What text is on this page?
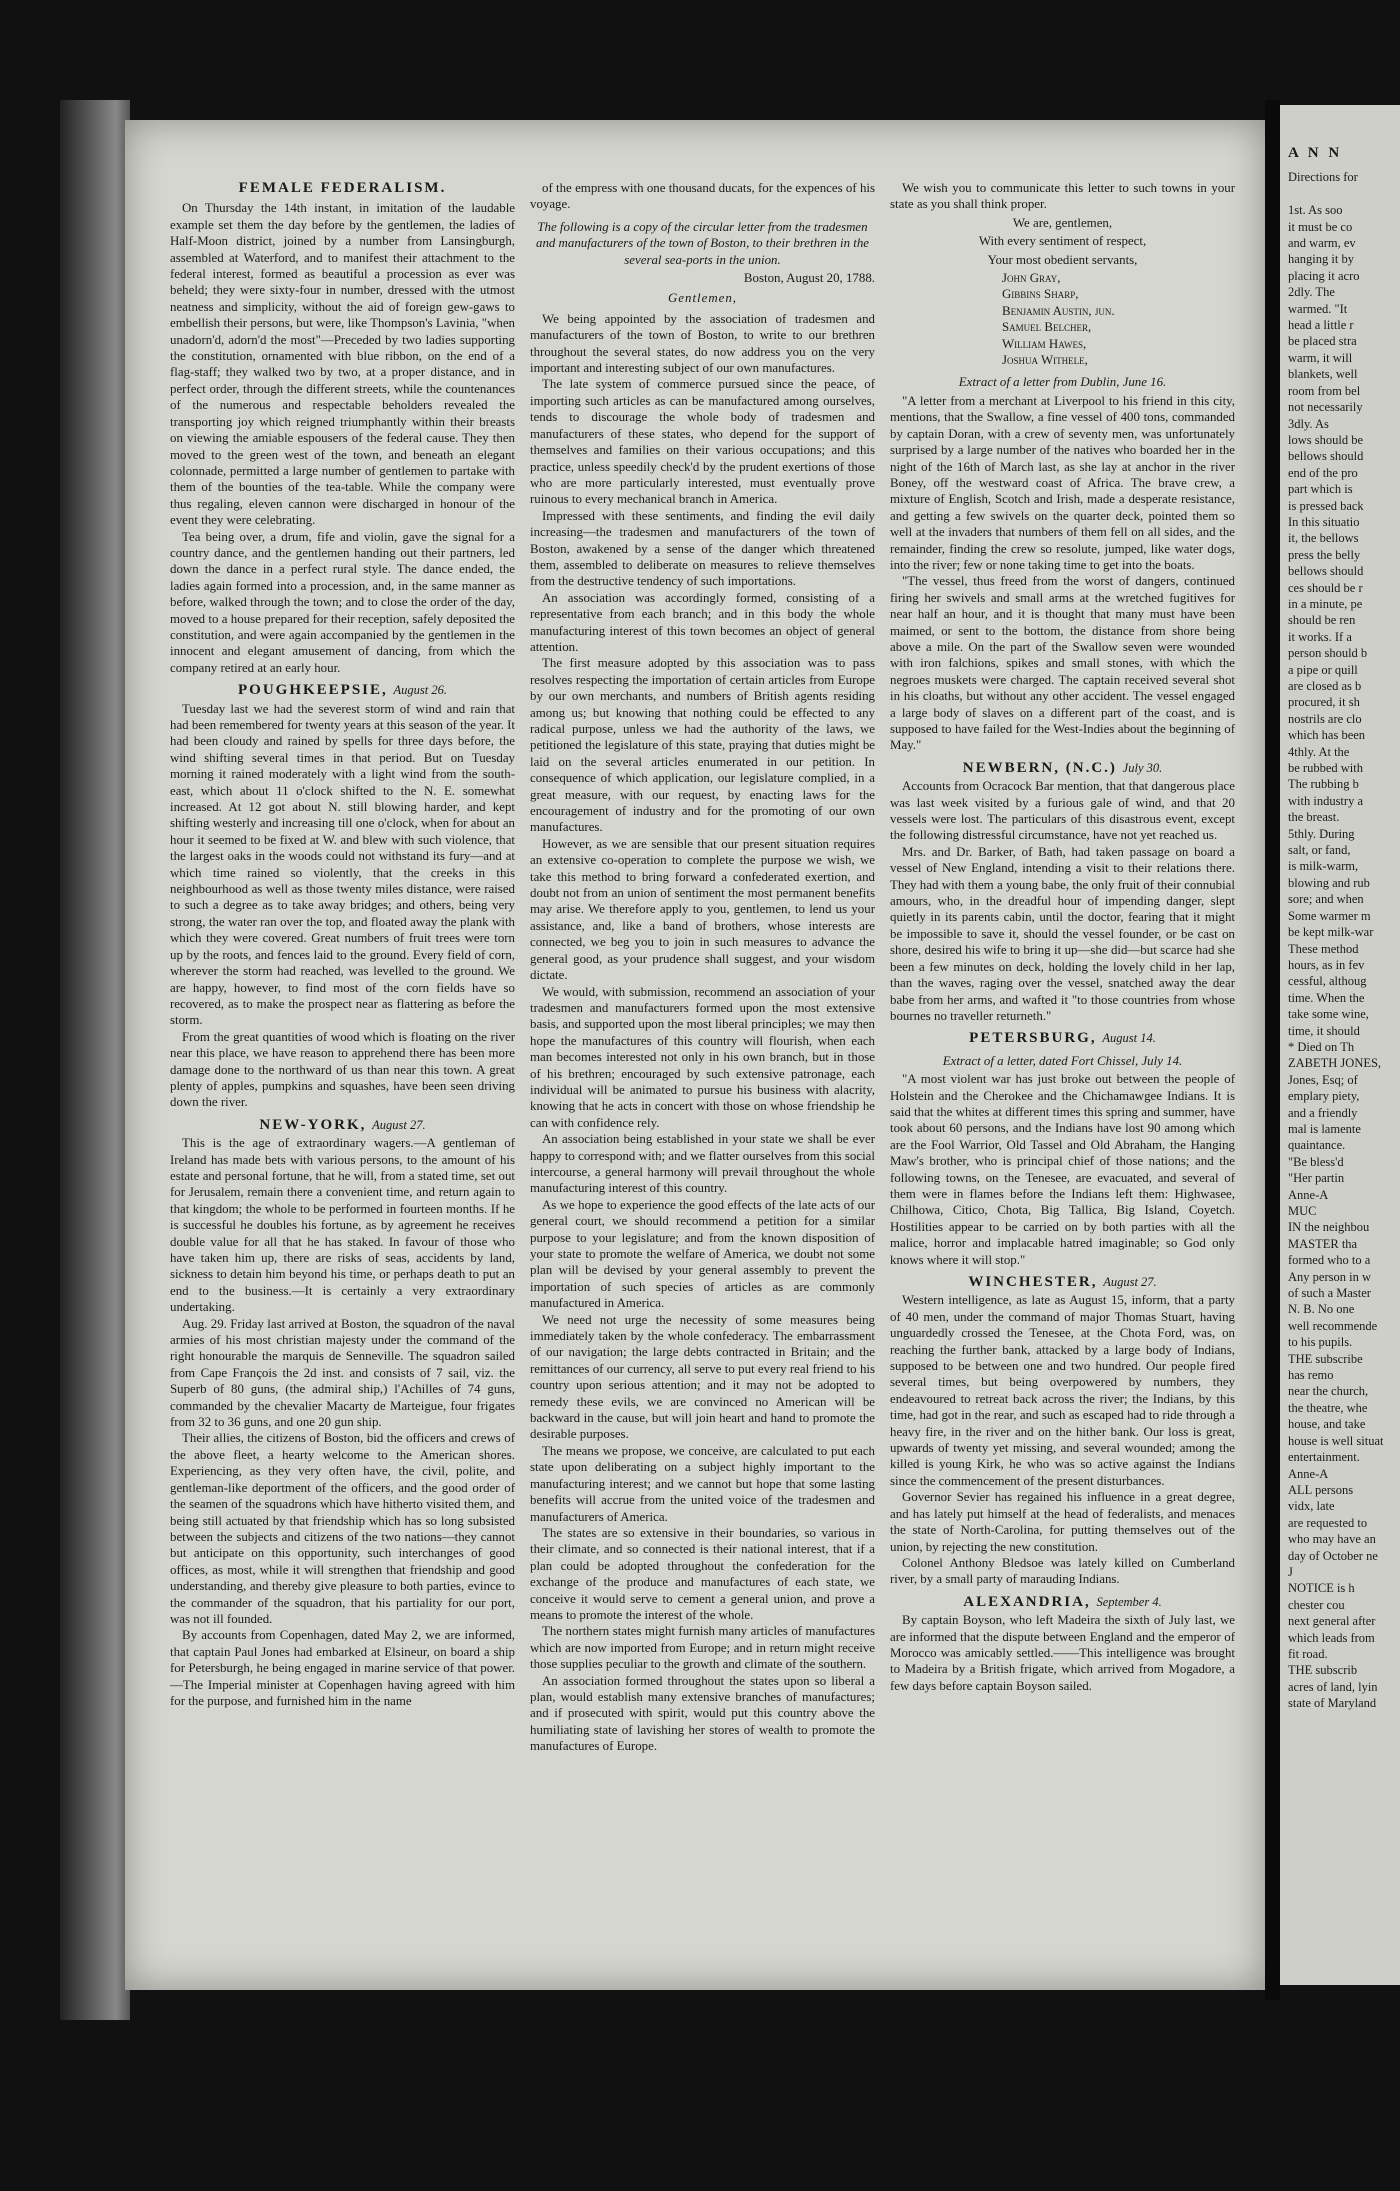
FEMALE FEDERALISM.

On Thursday the 14th instant, in imitation of the laudable example set them the day before by the gentlemen, the ladies of Half-Moon district, joined by a number from Lansingburgh, assembled at Waterford, and to manifest their attachment to the federal interest, formed as beautiful a procession as ever was beheld; they were sixty-four in number, dressed with the utmost neatness and simplicity, without the aid of foreign gew-gaws to embellish their persons, but were, like Thompson's Lavinia, "when unadorn'd, adorn'd the most"—Preceded by two ladies supporting the constitution, ornamented with blue ribbon, on the end of a flag-staff; they walked two by two, at a proper distance, and in perfect order, through the different streets, while the countenances of the numerous and respectable beholders revealed the transporting joy which reigned triumphantly within their breasts on viewing the amiable espousers of the federal cause. They then moved to the green west of the town, and beneath an elegant colonnade, permitted a large number of gentlemen to partake with them of the bounties of the tea-table. While the company were thus regaling, eleven cannon were discharged in honour of the event they were celebrating.

Tea being over, a drum, fife and violin, gave the signal for a country dance, and the gentlemen handing out their partners, led down the dance in a perfect rural style. The dance ended, the ladies again formed into a procession, and, in the same manner as before, walked through the town; and to close the order of the day, moved to a house prepared for their reception, safely deposited the constitution, and were again accompanied by the gentlemen in the innocent and elegant amusement of dancing, from which the company retired at an early hour.

POUGHKEEPSIE, August 26.

Tuesday last we had the severest storm of wind and rain that had been remembered for twenty years at this season of the year. It had been cloudy and rained by spells for three days before, the wind shifting several times in that period. But on Tuesday morning it rained moderately with a light wind from the south-east, which about 11 o'clock shifted to the N. E. somewhat increased. At 12 got about N. still blowing harder, and kept shifting westerly and increasing till one o'clock, when for about an hour it seemed to be fixed at W. and blew with such violence, that the largest oaks in the woods could not withstand its fury—and at which time rained so violently, that the creeks in this neighbourhood as well as those twenty miles distance, were raised to such a degree as to take away bridges; and others, being very strong, the water ran over the top, and floated away the plank with which they were covered. Great numbers of fruit trees were torn up by the roots, and fences laid to the ground. Every field of corn, wherever the storm had reached, was levelled to the ground. We are happy, however, to find most of the corn fields have so recovered, as to make the prospect near as flattering as before the storm.

From the great quantities of wood which is floating on the river near this place, we have reason to apprehend there has been more damage done to the northward of us than near this town. A great plenty of apples, pumpkins and squashes, have been seen driving down the river.

NEW-YORK, August 27.

This is the age of extraordinary wagers.—A gentleman of Ireland has made bets with various persons, to the amount of his estate and personal fortune, that he will, from a stated time, set out for Jerusalem, remain there a convenient time, and return again to that kingdom; the whole to be performed in fourteen months. If he is successful he doubles his fortune, as by agreement he receives double value for all that he has staked. In favour of those who have taken him up, there are risks of seas, accidents by land, sickness to detain him beyond his time, or perhaps death to put an end to the business.—It is certainly a very extraordinary undertaking.

Aug. 29. Friday last arrived at Boston, the squadron of the naval armies of his most christian majesty under the command of the right honourable the marquis de Senneville. The squadron sailed from Cape François the 2d inst. and consists of 7 sail, viz. the Superb of 80 guns, (the admiral ship,) l'Achilles of 74 guns, commanded by the chevalier Macarty de Marteigue, four frigates from 32 to 36 guns, and one 20 gun ship.

Their allies, the citizens of Boston, bid the officers and crews of the above fleet, a hearty welcome to the American shores. Experiencing, as they very often have, the civil, polite, and gentleman-like deportment of the officers, and the good order of the seamen of the squadrons which have hitherto visited them, and being still actuated by that friendship which has so long subsisted between the subjects and citizens of the two nations—they cannot but anticipate on this opportunity, such interchanges of good offices, as most, while it will strengthen that friendship and good understanding, and thereby give pleasure to both parties, evince to the commander of the squadron, that his partiality for our port, was not ill founded.

By accounts from Copenhagen, dated May 2, we are informed, that captain Paul Jones had embarked at Elsineur, on board a ship for Petersburgh, he being engaged in marine service of that power.—The Imperial minister at Copenhagen having agreed with him for the purpose, and furnished him in the name

of the empress with one thousand ducats, for the expences of his voyage.

The following is a copy of the circular letter from the tradesmen and manufacturers of the town of Boston, to their brethren in the several sea-ports in the union.
Boston, August 20, 1788.
Gentlemen,

We being appointed by the association of tradesmen and manufacturers of the town of Boston, to write to our brethren throughout the several states, do now address you on the very important and interesting subject of our own manufactures.

The late system of commerce pursued since the peace, of importing such articles as can be manufactured among ourselves, tends to discourage the whole body of tradesmen and manufacturers of these states, who depend for the support of themselves and families on their various occupations; and this practice, unless speedily check'd by the prudent exertions of those who are more particularly interested, must eventually prove ruinous to every mechanical branch in America.

Impressed with these sentiments, and finding the evil daily increasing—the tradesmen and manufacturers of the town of Boston, awakened by a sense of the danger which threatened them, assembled to deliberate on measures to relieve themselves from the destructive tendency of such importations.

An association was accordingly formed, consisting of a representative from each branch; and in this body the whole manufacturing interest of this town becomes an object of general attention.

The first measure adopted by this association was to pass resolves respecting the importation of certain articles from Europe by our own merchants, and numbers of British agents residing among us; but knowing that nothing could be effected to any radical purpose, unless we had the authority of the laws, we petitioned the legislature of this state, praying that duties might be laid on the several articles enumerated in our petition. In consequence of which application, our legislature complied, in a great measure, with our request, by enacting laws for the encouragement of industry and for the promoting of our own manufactures.

However, as we are sensible that our present situation requires an extensive co-operation to complete the purpose we wish, we take this method to bring forward a confederated exertion, and doubt not from an union of sentiment the most permanent benefits may arise. We therefore apply to you, gentlemen, to lend us your assistance, and, like a band of brothers, whose interests are connected, we beg you to join in such measures to advance the general good, as your prudence shall suggest, and your wisdom dictate.

We would, with submission, recommend an association of your tradesmen and manufacturers formed upon the most extensive basis, and supported upon the most liberal principles; we may then hope the manufactures of this country will flourish, when each man becomes interested not only in his own branch, but in those of his brethren; encouraged by such extensive patronage, each individual will be animated to pursue his business with alacrity, knowing that he acts in concert with those on whose friendship he can with confidence rely.

An association being established in your state we shall be ever happy to correspond with; and we flatter ourselves from this social intercourse, a general harmony will prevail throughout the whole manufacturing interest of this country.

As we hope to experience the good effects of the late acts of our general court, we should recommend a petition for a similar purpose to your legislature; and from the known disposition of your state to promote the welfare of America, we doubt not some plan will be devised by your general assembly to prevent the importation of such species of articles as are commonly manufactured in America.

We need not urge the necessity of some measures being immediately taken by the whole confederacy. The embarrassment of our navigation; the large debts contracted in Britain; and the remittances of our currency, all serve to put every real friend to his country upon serious attention; and it may not be adopted to remedy these evils, we are convinced no American will be backward in the cause, but will join heart and hand to promote the desirable purposes.

The means we propose, we conceive, are calculated to put each state upon deliberating on a subject highly important to the manufacturing interest; and we cannot but hope that some lasting benefits will accrue from the united voice of the tradesmen and manufacturers of America.

The states are so extensive in their boundaries, so various in their climate, and so connected is their national interest, that if a plan could be adopted throughout the confederation for the exchange of the produce and manufactures of each state, we conceive it would serve to cement a general union, and prove a means to promote the interest of the whole.

The northern states might furnish many articles of manufactures which are now imported from Europe; and in return might receive those supplies peculiar to the growth and climate of the southern.

An association formed throughout the states upon so liberal a plan, would establish many extensive branches of manufactures; and if prosecuted with spirit, would put this country above the humiliating state of lavishing her stores of wealth to promote the manufactures of Europe.

We wish you to communicate this letter to such towns in your state as you shall think proper.

We are, gentlemen,
With every sentiment of respect,
Your most obedient servants,

John Gray,

Gibbins Sharp,

Benjamin Austin, jun.

Samuel Belcher,

William Hawes,

Joshua Withele,

Extract of a letter from Dublin, June 16.

"A letter from a merchant at Liverpool to his friend in this city, mentions, that the Swallow, a fine vessel of 400 tons, commanded by captain Doran, with a crew of seventy men, was unfortunately surprised by a large number of the natives who boarded her in the night of the 16th of March last, as she lay at anchor in the river Boney, off the westward coast of Africa. The brave crew, a mixture of English, Scotch and Irish, made a desperate resistance, and getting a few swivels on the quarter deck, pointed them so well at the invaders that numbers of them fell on all sides, and the remainder, finding the crew so resolute, jumped, like water dogs, into the river; few or none taking time to get into the boats.

"The vessel, thus freed from the worst of dangers, continued firing her swivels and small arms at the wretched fugitives for near half an hour, and it is thought that many must have been maimed, or sent to the bottom, the distance from shore being above a mile. On the part of the Swallow seven were wounded with iron falchions, spikes and small stones, with which the negroes muskets were charged. The captain received several shot in his cloaths, but without any other accident. The vessel engaged a large body of slaves on a different part of the coast, and is supposed to have failed for the West-Indies about the beginning of May."

NEWBERN, (N.C.) July 30.

Accounts from Ocracock Bar mention, that that dangerous place was last week visited by a furious gale of wind, and that 20 vessels were lost. The particulars of this disastrous event, except the following distressful circumstance, have not yet reached us.

Mrs. and Dr. Barker, of Bath, had taken passage on board a vessel of New England, intending a visit to their relations there. They had with them a young babe, the only fruit of their connubial amours, who, in the dreadful hour of impending danger, slept quietly in its parents cabin, until the doctor, fearing that it might be impossible to save it, should the vessel founder, or be cast on shore, desired his wife to bring it up—she did—but scarce had she been a few minutes on deck, holding the lovely child in her lap, than the waves, raging over the vessel, snatched away the dear babe from her arms, and wafted it "to those countries from whose bournes no traveller returneth."

PETERSBURG, August 14.
Extract of a letter, dated Fort Chissel, July 14.

"A most violent war has just broke out between the people of Holstein and the Cherokee and the Chichamawgee Indians. It is said that the whites at different times this spring and summer, have took about 60 persons, and the Indians have lost 90 among which are the Fool Warrior, Old Tassel and Old Abraham, the Hanging Maw's brother, who is principal chief of those nations; and the following towns, on the Tenesee, are evacuated, and several of them were in flames before the Indians left them: Highwasee, Chilhowa, Citico, Chota, Big Tallica, Big Island, Coyetch. Hostilities appear to be carried on by both parties with all the malice, horror and implacable hatred imaginable; so God only knows where it will stop."

WINCHESTER, August 27.

Western intelligence, as late as August 15, inform, that a party of 40 men, under the command of major Thomas Stuart, having unguardedly crossed the Tenesee, at the Chota Ford, was, on reaching the further bank, attacked by a large body of Indians, supposed to be between one and two hundred. Our people fired several times, but being overpowered by numbers, they endeavoured to retreat back across the river; the Indians, by this time, had got in the rear, and such as escaped had to ride through a heavy fire, in the river and on the hither bank. Our loss is great, upwards of twenty yet missing, and several wounded; among the killed is young Kirk, he who was so active against the Indians since the commencement of the present disturbances.

Governor Sevier has regained his influence in a great degree, and has lately put himself at the head of federalists, and menaces the state of North-Carolina, for putting themselves out of the union, by rejecting the new constitution.

Colonel Anthony Bledsoe was lately killed on Cumberland river, by a small party of marauding Indians.

ALEXANDRIA, September 4.

By captain Boyson, who left Madeira the sixth of July last, we are informed that the dispute between England and the emperor of Morocco was amicably settled.——This intelligence was brought to Madeira by a British frigate, which arrived from Mogadore, a few days before captain Boyson sailed.

A N N
Directions for

1st. As soo
it must be co
and warm, ev
hanging it by
placing it acro
2dly. The
warmed. "It
head a little r
be placed stra
warm, it will
blankets, well
room from bel
not necessarily
3dly. As
lows should be
bellows should
end of the pro
part which is
is pressed back
In this situatio
it, the bellows
press the belly
bellows should
ces should be r
in a minute, pe
should be ren
it works. If a
person should b
a pipe or quill
are closed as b
procured, it sh
nostrils are clo
which has been
4thly. At the
be rubbed with
The rubbing b
with industry a
the breast.
5thly. During
salt, or fand,
is milk-warm,
blowing and rub
sore; and when
Some warmer m
be kept milk-war
These method
hours, as in fev
cessful, althoug
time. When the
take some wine,
time, it should
* Died on Th
ZABETH JONES,
Jones, Esq; of
emplary piety,
and a friendly
mal is lamente
quaintance.
"Be bless'd
"Her partin
Anne-A
MUC
IN the neighbou
MASTER tha
formed who to a
Any person in w
of such a Master
N. B. No one
well recommende
to his pupils.
THE subscribe
has remo
near the church,
the theatre, whe
house, and take
house is well situat
entertainment.
Anne-A
ALL persons
vidx, late
are requested to
who may have an
day of October ne
J
NOTICE is h
chester cou
next general after
which leads from
fit road.
THE subscrib
acres of land, lyin
state of Maryland
